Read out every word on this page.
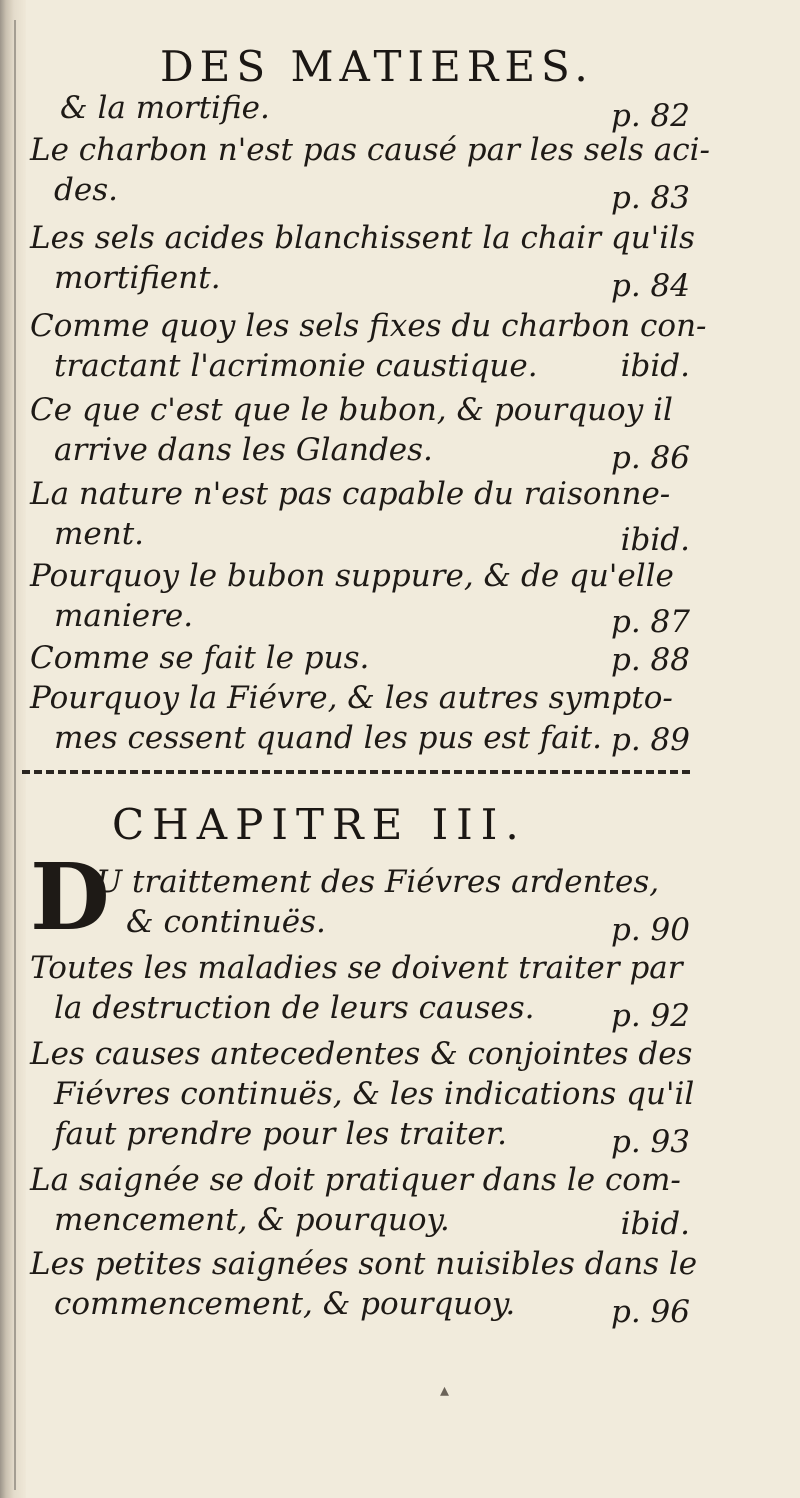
DES MATIERES.
& la mortifie.	p. 82
Le charbon n'est pas causé par les sels aci-
des.	p. 83
Les sels acides blanchissent la chair qu'ils
mortifient.	p. 84
Comme quoy les sels fixes du charbon con-
tractant l'acrimonie caustique.	ibid.
Ce que c'est que le bubon, & pourquoy il
arrive dans les Glandes.	p. 86
La nature n'est pas capable du raisonne-
ment.	ibid.
Pourquoy le bubon suppure, & de qu'elle
maniere.	p. 87
Comme se fait le pus.	p. 88
Pourquoy la Fiévre, & les autres sympto-
mes cessent quand les pus est fait. p. 89
CHAPITRE III.
D
U traittement des Fiévres ardentes,
& continuës.	p. 90
Toutes les maladies se doivent traiter par
la destruction de leurs causes.	p. 92
Les causes antecedentes & conjointes des
Fiévres continuës, & les indications qu'il
faut prendre pour les traiter.	p. 93
La saignée se doit pratiquer dans le com-
mencement, & pourquoy.	ibid.
Les petites saignées sont nuisibles dans le
commencement, & pourquoy.	p. 96
▴
